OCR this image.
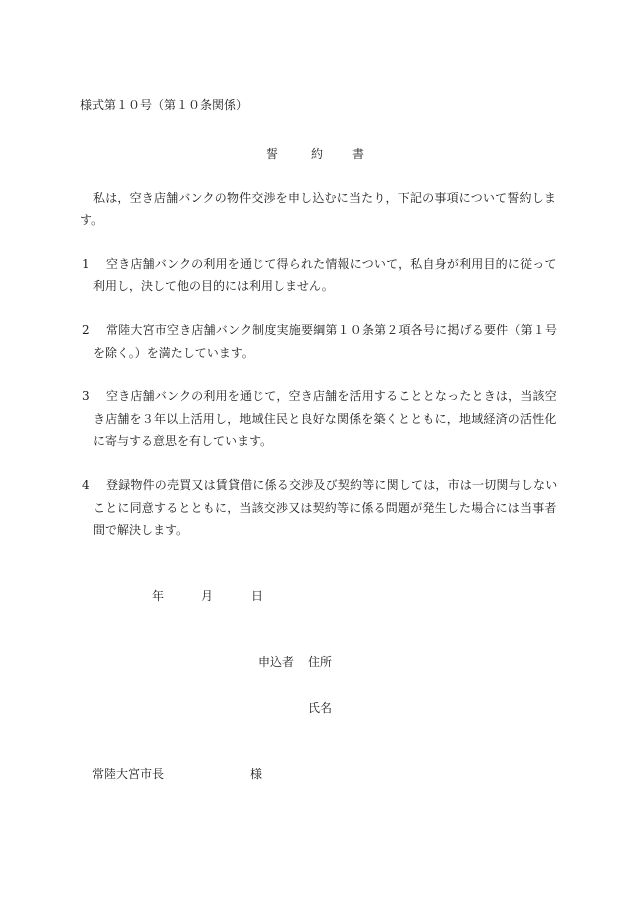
様式第１０号（第１０条関係）

誓	約 書

私は，空き店舗バンクの物件交渉を申し込むに当たり，下記の事項について誓約しま

す。

1 空き店舗バンクの利用を通じて得られた情報について，私自身が利用目的に従って

利用し，決して他の目的には利用しません。

2 常陸大宮市空き店舗バンク制度実施要綱第１０条第２項各号に掲げる要件（第１号

を除く。）を満たしています。

3 空き店舗バンクの利用を通じて，空き店舗を活用することとなったときは，当該空

き店舗を３年以上活用し，地域住民と良好な関係を築くとともに，地域経済の活性化

に寄与する意思を有しています。

4 登録物件の売買又は賃貸借に係る交渉及び契約等に関しては，市は一切関与しない

ことに同意するとともに，当該交渉又は契約等に係る問題が発生した場合には当事者

間で解決します。

年	月	日
申込者 住所
氏名
常陸大宮市長	様
